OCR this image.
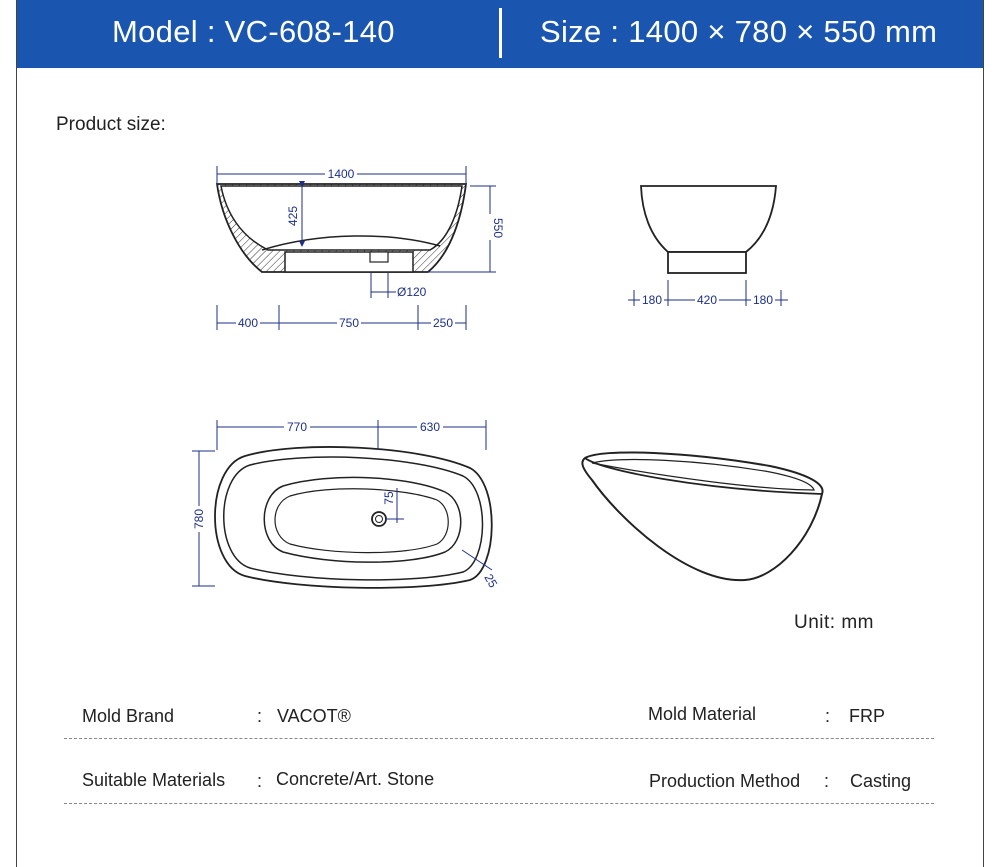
Model : VC-608-140	Size : 1400 × 780 × 550 mm
Product size:
1400
425
550
Ø120
400	750	250
180	420	180
770	630
780
75
25
Unit: mm
Mold Brand	: VACOT®	Mold Material	: FRP
Suitable Materials : Concrete/Art. Stone	Production Method : Casting
